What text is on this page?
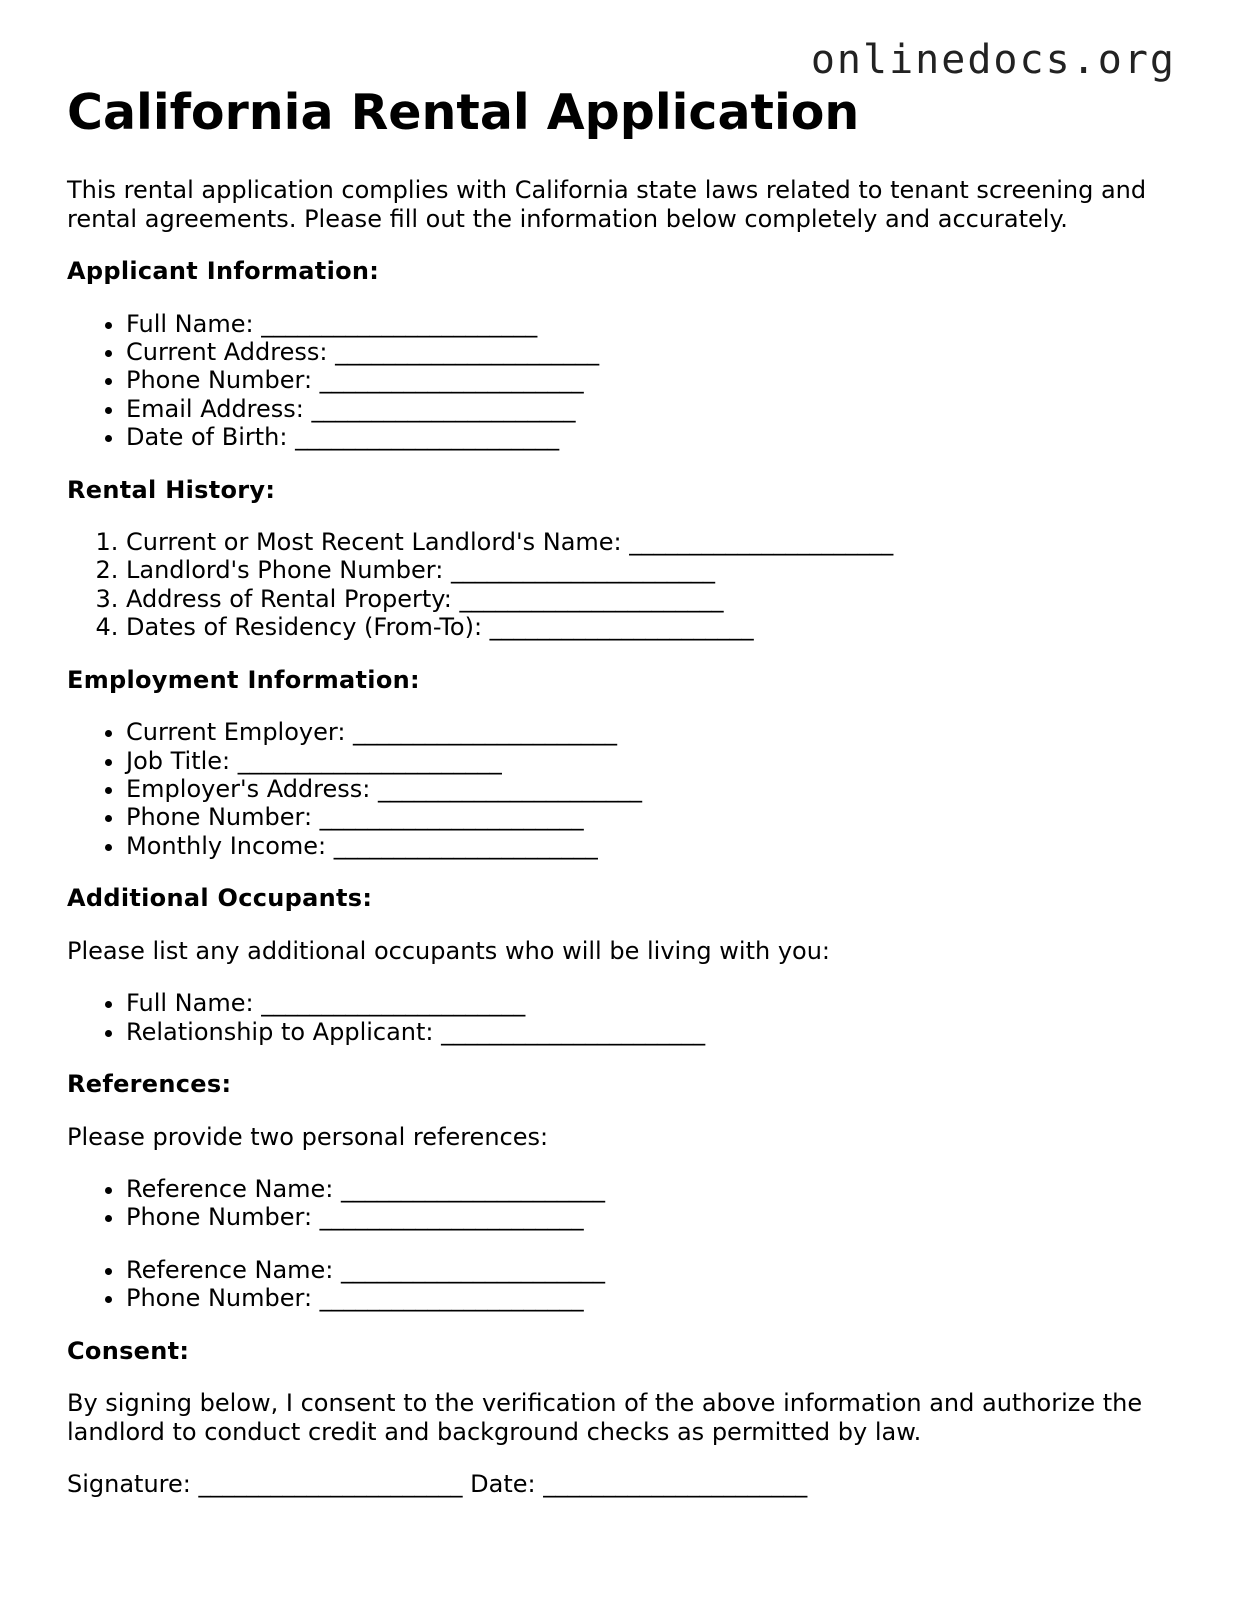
onlinedocs.org
California Rental Application

This rental application complies with California state laws related to tenant screening and rental agreements. Please fill out the information below completely and accurately.

Applicant Information:
• Full Name: _______________________
• Current Address: ______________________
• Phone Number: ______________________
• Email Address: ______________________
• Date of Birth: ______________________
Rental History:
1. Current or Most Recent Landlord's Name: ______________________
2. Landlord's Phone Number: ______________________
3. Address of Rental Property: ______________________
4. Dates of Residency (From-To): ______________________
Employment Information:
• Current Employer: ______________________
• Job Title: ______________________
• Employer's Address: ______________________
• Phone Number: ______________________
• Monthly Income: ______________________
Additional Occupants:

Please list any additional occupants who will be living with you:

• Full Name: ______________________
• Relationship to Applicant: ______________________
References:

Please provide two personal references:

• Reference Name: ______________________
• Phone Number: ______________________
• Reference Name: ______________________
• Phone Number: ______________________
Consent:

By signing below, I consent to the verification of the above information and authorize the landlord to conduct credit and background checks as permitted by law.

Signature: ______________________ Date: ______________________
